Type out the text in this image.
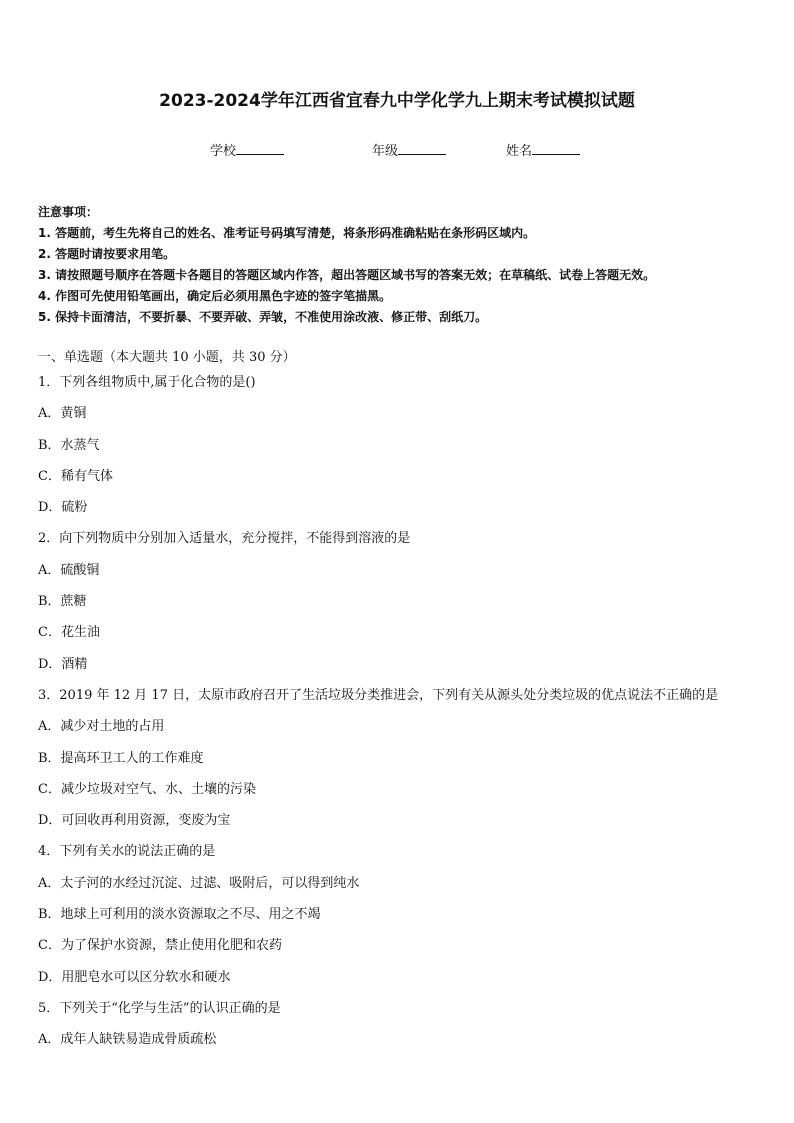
2023-2024学年江西省宜春九中学化学九上期末考试模拟试题
学校	年级	姓名
注意事项：
1. 答题前，考生先将自己的姓名、准考证号码填写清楚，将条形码准确粘贴在条形码区域内。
2. 答题时请按要求用笔。
3. 请按照题号顺序在答题卡各题目的答题区域内作答，超出答题区域书写的答案无效；在草稿纸、试卷上答题无效。
4. 作图可先使用铅笔画出，确定后必须用黑色字迹的签字笔描黑。
5. 保持卡面清洁，不要折暴、不要弄破、弄皱，不准使用涂改液、修正带、刮纸刀。
一、单选题（本大题共 10 小题，共 30 分）
1．下列各组物质中,属于化合物的是()
A．黄铜
B．水蒸气
C．稀有气体
D．硫粉
2．向下列物质中分别加入适量水，充分搅拌，不能得到溶液的是
A．硫酸铜
B．蔗糖
C．花生油
D．酒精
3．2019 年 12 月 17 日，太原市政府召开了生活垃圾分类推进会，下列有关从源头处分类垃圾的优点说法不正确的是
A．减少对土地的占用
B．提高环卫工人的工作难度
C．减少垃圾对空气、水、土壤的污染
D．可回收再利用资源，变废为宝
4．下列有关水的说法正确的是
A．太子河的水经过沉淀、过滤、吸附后，可以得到纯水
B．地球上可利用的淡水资源取之不尽、用之不竭
C．为了保护水资源，禁止使用化肥和农药
D．用肥皂水可以区分软水和硬水
5．下列关于“化学与生活”的认识正确的是
A．成年人缺铁易造成骨质疏松
